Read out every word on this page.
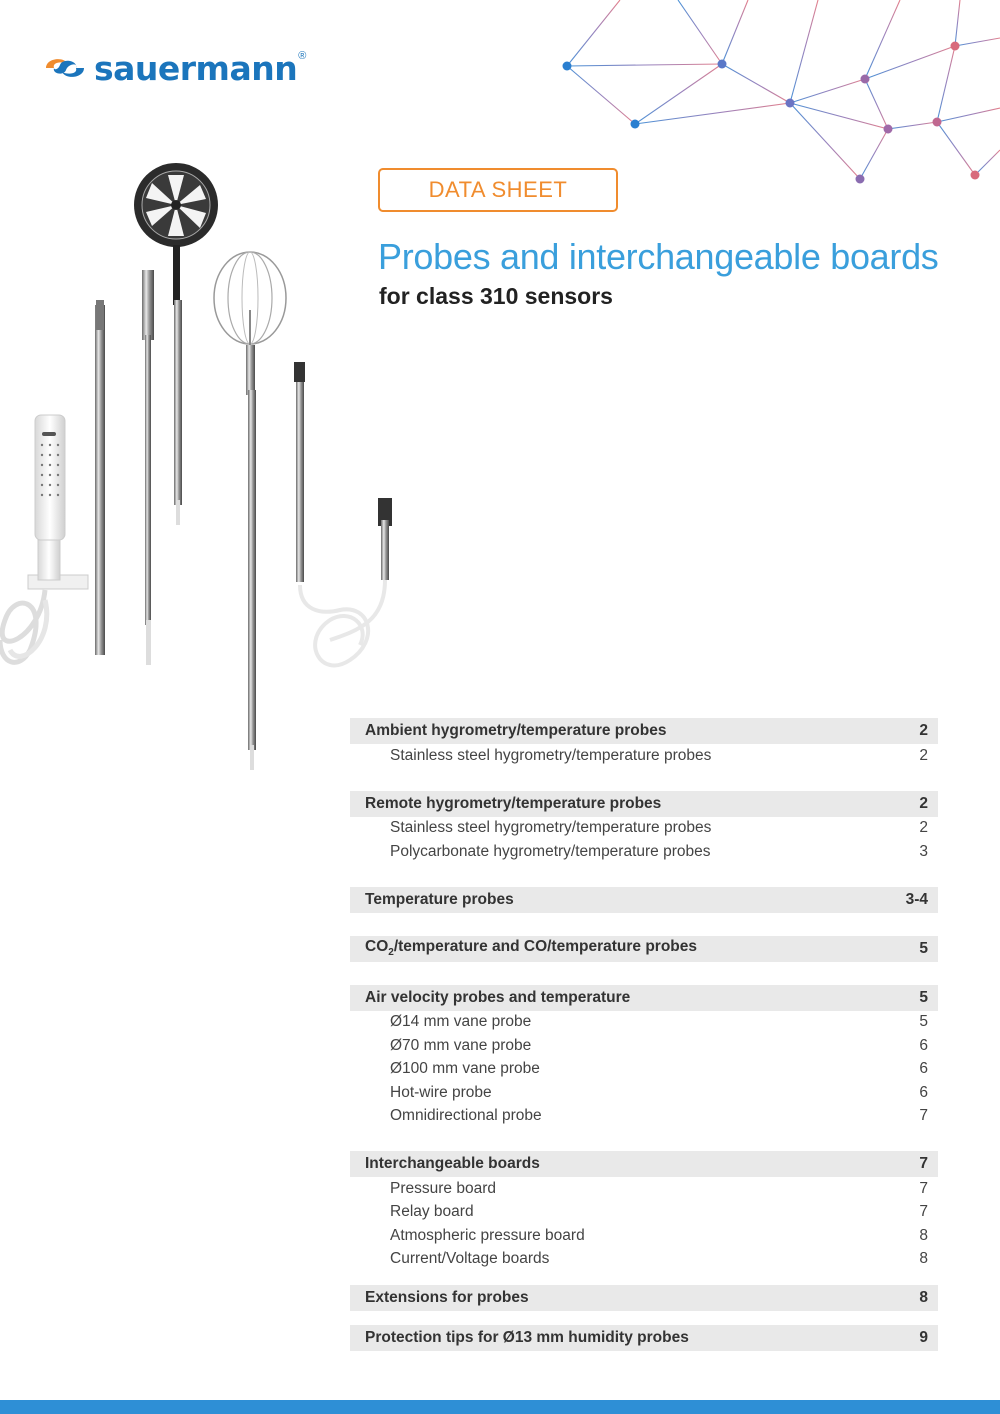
sauermann ®
DATA SHEET
Probes and interchangeable boards
for class 310 sensors
Ambient hygrometry/temperature probes	2
Stainless steel hygrometry/temperature probes	2
Remote hygrometry/temperature probes	2
Stainless steel hygrometry/temperature probes	2
Polycarbonate hygrometry/temperature probes	3
Temperature probes	3-4
$CO_2$/temperature and CO/temperature probes	5
Air velocity probes and temperature	5
Ø14 mm vane probe	5
Ø70 mm vane probe	6
Ø100 mm vane probe	6
Hot-wire probe	6
Omnidirectional probe	7
Interchangeable boards	7
Pressure board	7
Relay board	7
Atmospheric pressure board	8
Current/Voltage boards	8
Extensions for probes	8
Protection tips for Ø13 mm humidity probes	9
